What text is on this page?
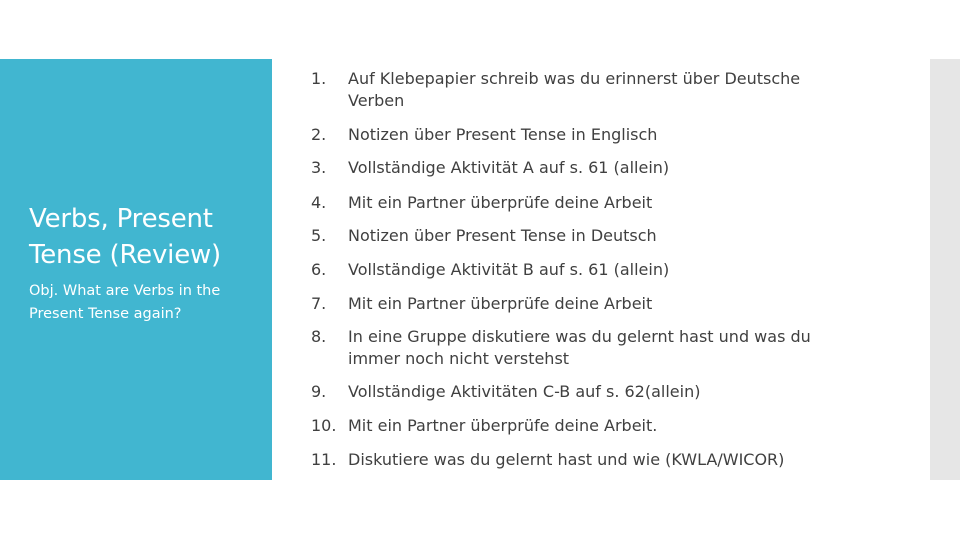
Verbs, Present Tense (Review)

Obj. What are Verbs in the Present Tense again?

1.	Auf Klebepapier schreib was du erinnerst über Deutsche Verben
2.	Notizen über Present Tense in Englisch
3.	Vollständige Aktivität A auf s. 61 (allein)
4.	Mit ein Partner überprüfe deine Arbeit
5.	Notizen über Present Tense in Deutsch
6.	Vollständige Aktivität B auf s. 61 (allein)
7.	Mit ein Partner überprüfe deine Arbeit
8.	In eine Gruppe diskutiere was du gelernt hast und was du immer noch nicht verstehst
9.	Vollständige Aktivitäten C-B auf s. 62(allein)
10. Mit ein Partner überprüfe deine Arbeit.
11. Diskutiere was du gelernt hast und wie (KWLA/WICOR)
